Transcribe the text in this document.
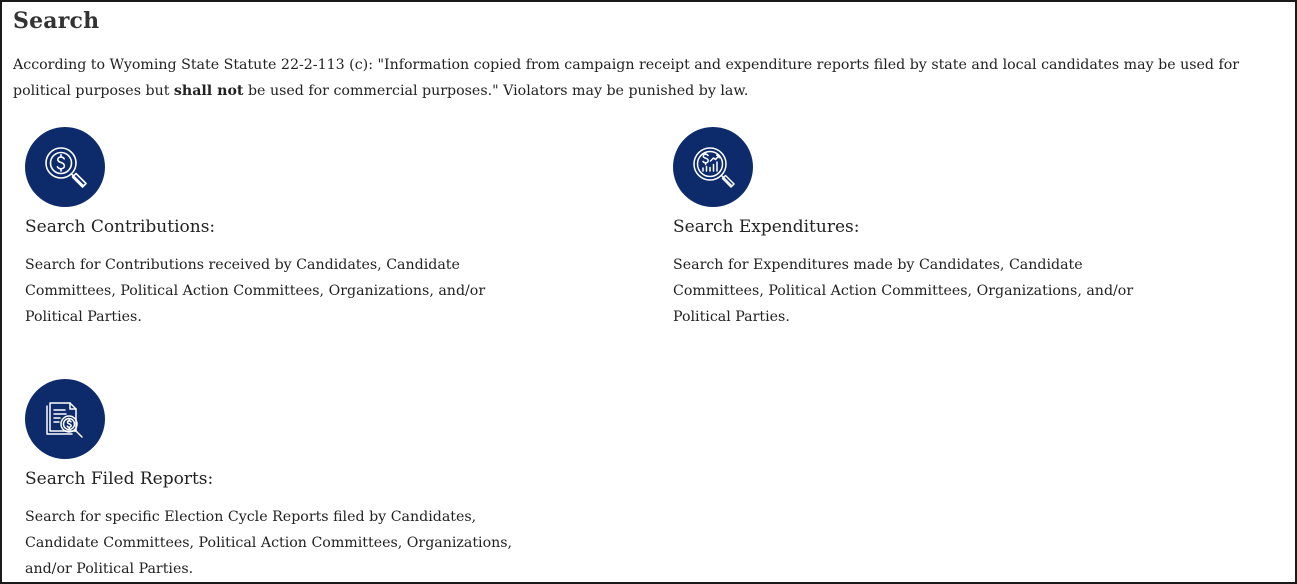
Search

According to Wyoming State Statute 22-2-113 (c): "Information copied from campaign receipt and expenditure reports filed by state and local candidates may be used for
political purposes but shall not be used for commercial purposes." Violators may be punished by law.

Search Contributions:

Search for Contributions received by Candidates, Candidate
Committees, Political Action Committees, Organizations, and/or
Political Parties.

Search Expenditures:

Search for Expenditures made by Candidates, Candidate
Committees, Political Action Committees, Organizations, and/or
Political Parties.

Search Filed Reports:

Search for specific Election Cycle Reports filed by Candidates,
Candidate Committees, Political Action Committees, Organizations,
and/or Political Parties.
